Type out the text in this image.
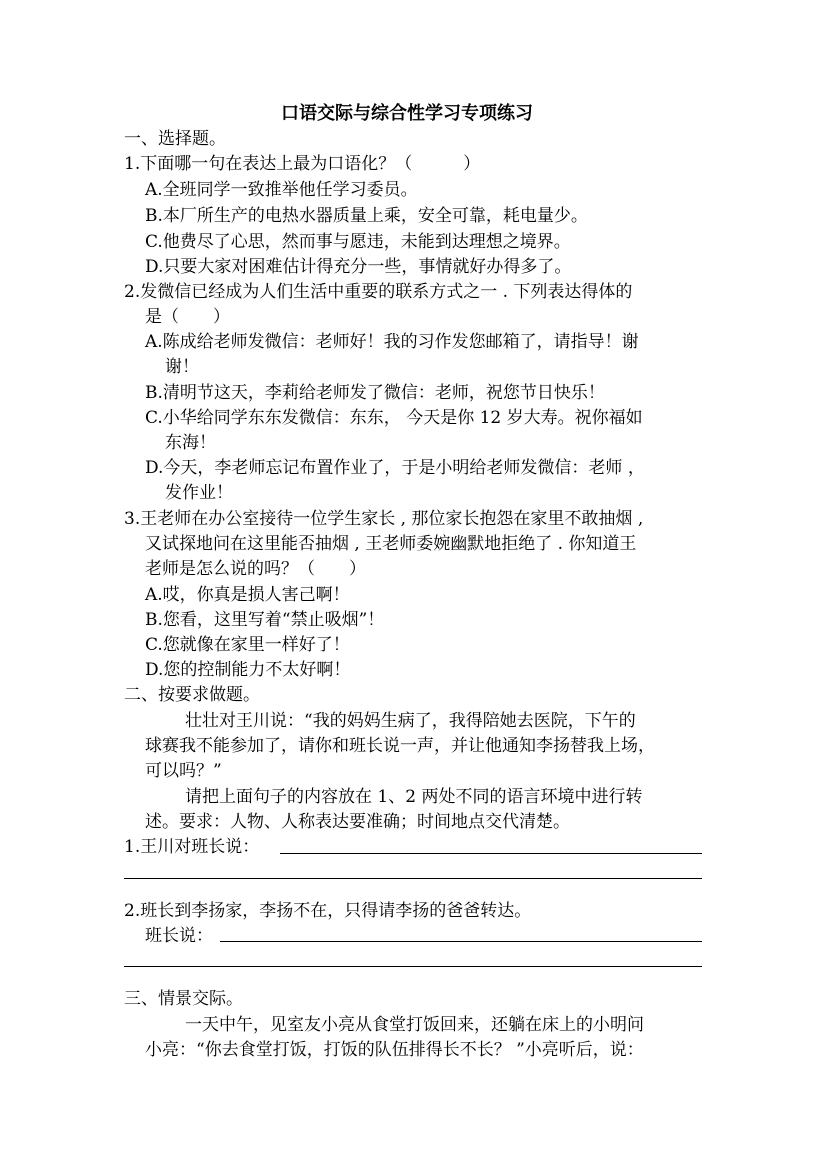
口语交际与综合性学习专项练习
一、选择题。
1.下面哪一句在表达上最为口语化？（　　　）
A.全班同学一致推举他任学习委员。
B.本厂所生产的电热水器质量上乘，安全可靠，耗电量少。
C.他费尽了心思，然而事与愿违，未能到达理想之境界。
D.只要大家对困难估计得充分一些，事情就好办得多了。
2.发微信已经成为人们生活中重要的联系方式之一 . 下列表达得体的
是（　　）
A.陈成给老师发微信：老师好！我的习作发您邮箱了，请指导！谢
谢！
B.清明节这天，李莉给老师发了微信：老师，祝您节日快乐！
C.小华给同学东东发微信：东东， 今天是你 12 岁大寿。祝你福如
东海！
D.今天，李老师忘记布置作业了，于是小明给老师发微信：老师 ，
发作业！
3.王老师在办公室接待一位学生家长 , 那位家长抱怨在家里不敢抽烟 ,
又试探地问在这里能否抽烟 , 王老师委婉幽默地拒绝了 . 你知道王
老师是怎么说的吗？（　　）
A.哎，你真是损人害己啊！
B.您看，这里写着“禁止吸烟”！
C.您就像在家里一样好了！
D.您的控制能力不太好啊！
二、按要求做题。
壮壮对王川说：“我的妈妈生病了，我得陪她去医院，下午的
球赛我不能参加了，请你和班长说一声，并让他通知李扬替我上场，
可以吗？”
请把上面句子的内容放在 1、2 两处不同的语言环境中进行转
述。要求：人物、人称表达要准确；时间地点交代清楚。
1.王川对班长说：
2.班长到李扬家，李扬不在，只得请李扬的爸爸转达。
班长说：
三、情景交际。
一天中午，见室友小亮从食堂打饭回来，还躺在床上的小明问
小亮：“你去食堂打饭，打饭的队伍排得长不长？ ”小亮听后，说：
